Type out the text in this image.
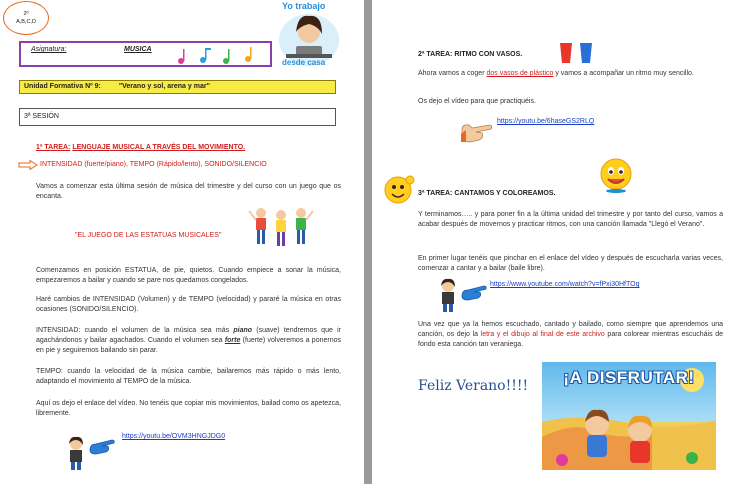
2º
A,B,C,D
Asignatura:	MUSICA
Yo trabajo
desde casa
Unidad Formativa Nº 9:	"Verano y sol, arena y mar"
3ª SESIÓN
1ª TAREA: LENGUAJE MUSICAL A TRAVÉS DEL MOVIMIENTO.
INTENSIDAD (fuerte/piano), TEMPO (Rápido/lento), SONIDO/SILENCIO
Vamos a comenzar esta última sesión de música del trimestre y del curso con un juego que os encanta.
"EL JUEGO DE LAS ESTATUAS MUSICALES"
Comenzamos en posición ESTATUA, de pie, quietos. Cuando empiece a sonar la música, empezaremos a bailar y cuando se pare nos quedamos congelados.
Haré cambios de INTENSIDAD (Volumen) y de TEMPO (velocidad) y pararé la música en otras ocasiones (SONIDO/SILENCIO).
INTENSIDAD: cuando el volumen de la música sea más piano (suave) tendremos que ir agachándonos y bailar agachados. Cuando el volumen sea forte (fuerte) volveremos a ponernos en pie y seguiremos bailando sin parar.
TEMPO: cuando la velocidad de la música cambie, bailaremos más rápido o más lento, adaptando el movimiento al TEMPO de la música.
Aquí os dejo el enlace del vídeo. No tenéis que copiar mis movimientos, bailad como os apetezca, libremente.
https://youtu.be/OVM3HNGJDG0
2ª TAREA: RITMO CON VASOS.
Ahora vamos a coger dos vasos de plástico y vamos a acompañar un ritmo muy sencillo.
Os dejo el vídeo para que practiquéis.
https://youtu.be/6haseGS2RLQ
3ª TAREA: CANTAMOS Y COLOREAMOS.
Y terminamos….. y para poner fin a la última unidad del trimestre y por tanto del curso, vamos a acabar después de movernos y practicar ritmos, con una canción llamada "Llegó el Verano".
En primer lugar tenéis que pinchar en el enlace del vídeo y después de escucharla varias veces, comenzar a cantar y a bailar (baile libre).
https://www.youtube.com/watch?v=fPxi30HfTOg
Una vez que ya la hemos escuchado, cantado y bailado, como siempre que aprendemos una canción, os dejo la letra y el dibujo al final de este archivo para colorear mientras escucháis de fondo esta canción tan veraniega.
Feliz Verano!!!!	¡A DISFRUTAR!
